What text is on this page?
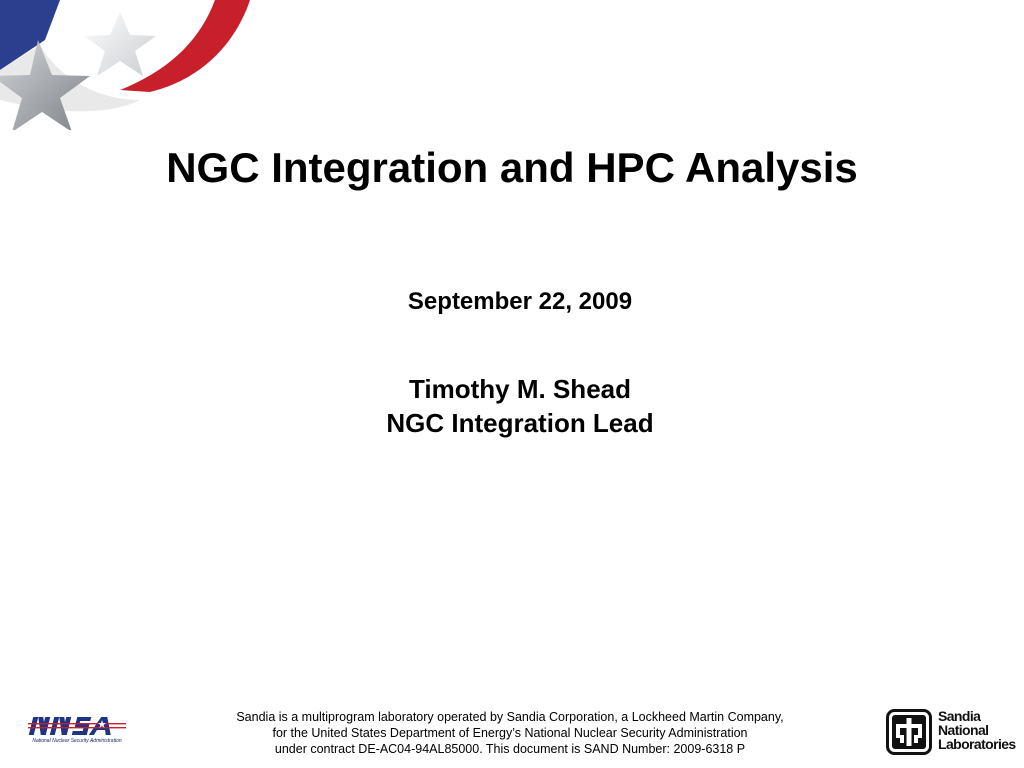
NGC Integration and HPC Analysis
September 22, 2009
Timothy M. Shead
NGC Integration Lead
National Nuclear Security Administration
Sandia is a multiprogram laboratory operated by Sandia Corporation, a Lockheed Martin Company,
for the United States Department of Energy’s National Nuclear Security Administration
under contract DE-AC04-94AL85000. This document is SAND Number: 2009-6318 P
Sandia
National
Laboratories
